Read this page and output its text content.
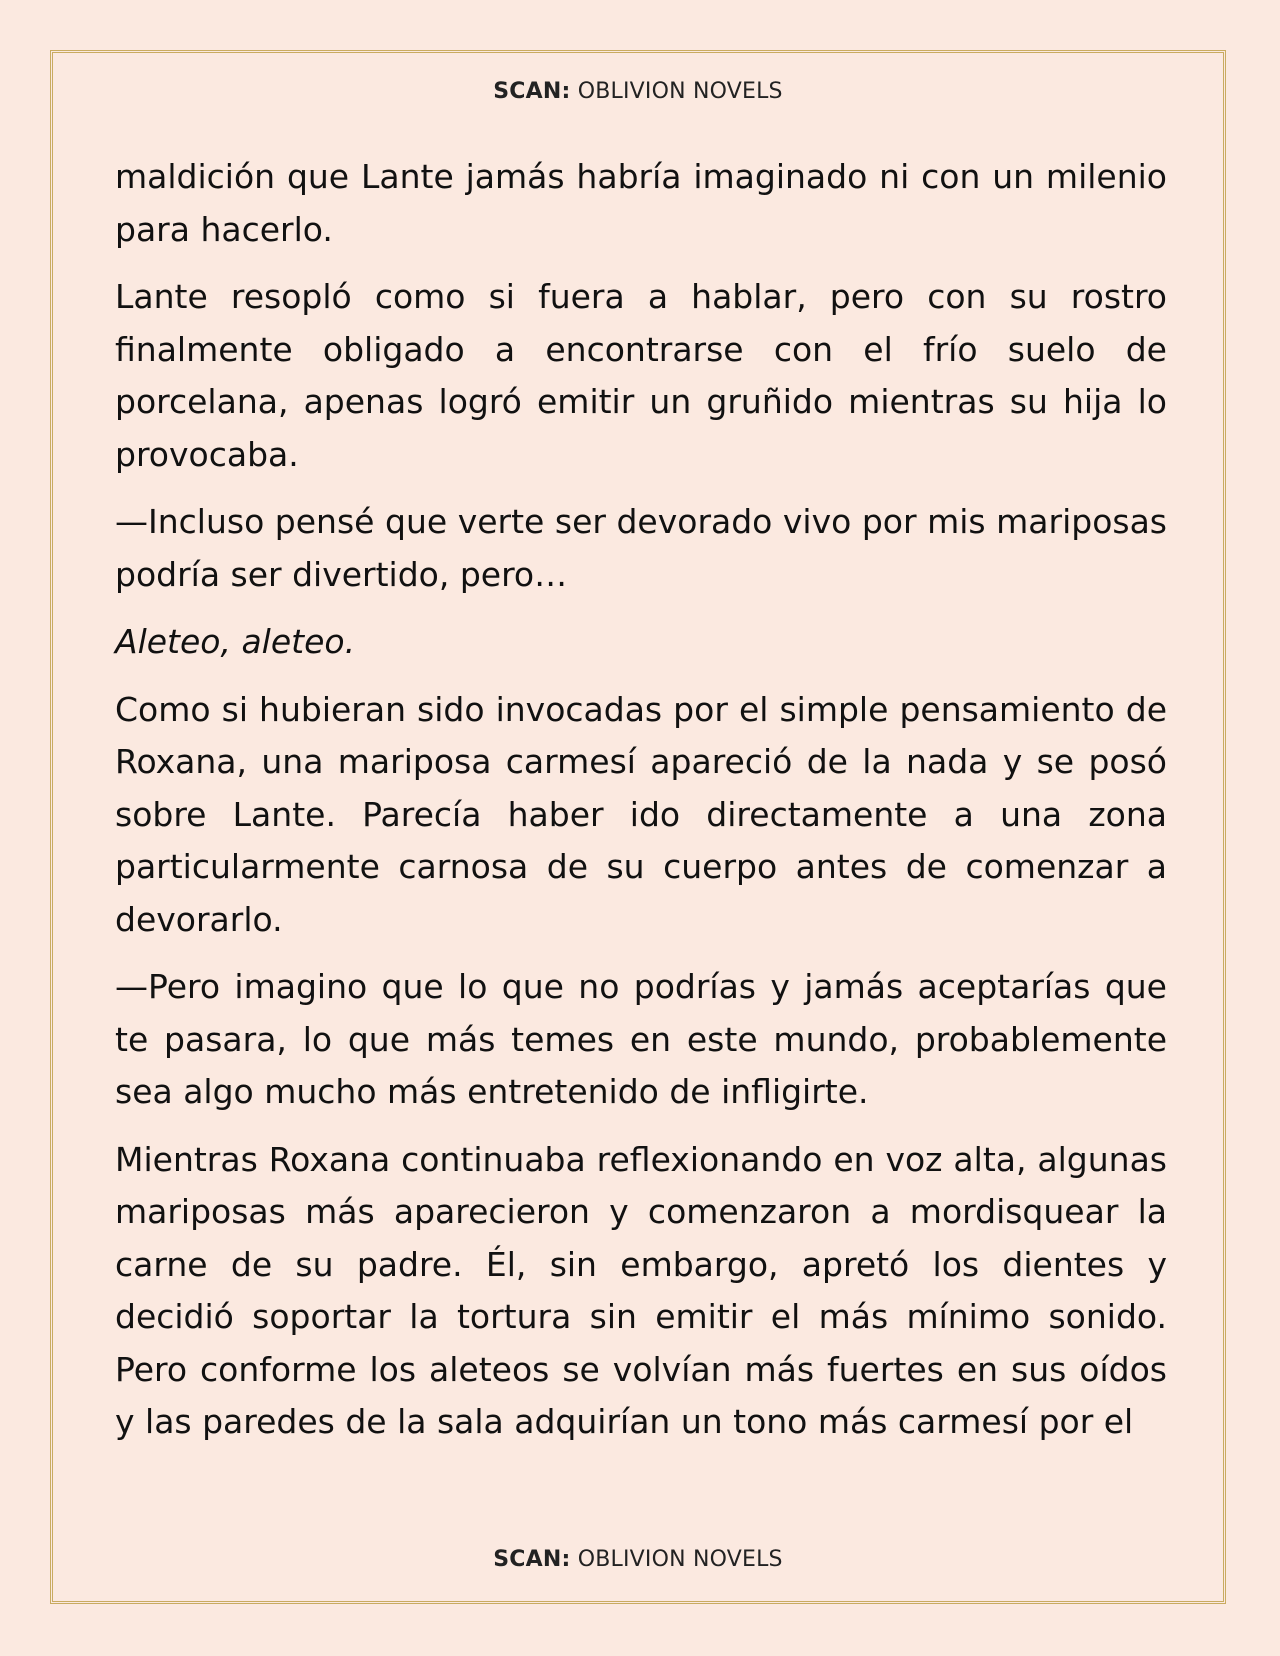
SCAN: OBLIVION NOVELS

maldición que Lante jamás habría imaginado ni con un milenio para hacerlo.

Lante resopló como si fuera a hablar, pero con su rostro finalmente obligado a encontrarse con el frío suelo de porcelana, apenas logró emitir un gruñido mientras su hija lo provocaba.

—Incluso pensé que verte ser devorado vivo por mis mariposas podría ser divertido, pero…

Aleteo, aleteo.

Como si hubieran sido invocadas por el simple pensamiento de Roxana, una mariposa carmesí apareció de la nada y se posó sobre Lante. Parecía haber ido directamente a una zona particularmente carnosa de su cuerpo antes de comenzar a devorarlo.

—Pero imagino que lo que no podrías y jamás aceptarías que te pasara, lo que más temes en este mundo, probablemente sea algo mucho más entretenido de infligirte.

Mientras Roxana continuaba reflexionando en voz alta, algunas mariposas más aparecieron y comenzaron a mordisquear la carne de su padre. Él, sin embargo, apretó los dientes y decidió soportar la tortura sin emitir el más mínimo sonido. Pero conforme los aleteos se volvían más fuertes en sus oídos y las paredes de la sala adquirían un tono más carmesí por el

SCAN: OBLIVION NOVELS
